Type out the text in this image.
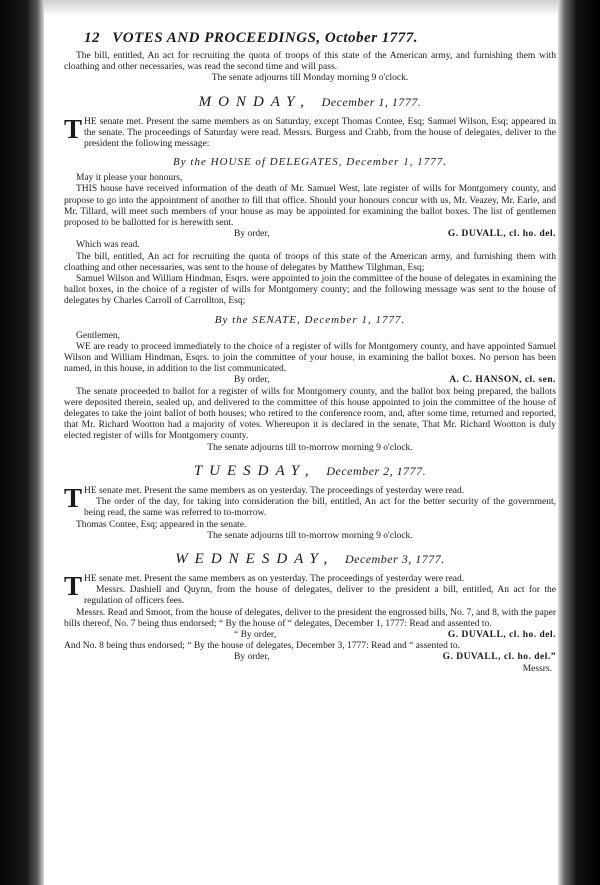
12 VOTES AND PROCEEDINGS, October 1777.

The bill, entitled, An act for recruiting the quota of troops of this state of the American army, and furnishing them with cloathing and other necessaries, was read the second time and will pass.

The senate adjourns till Monday morning 9 o'clock.

MONDAY, December 1, 1777.

T HE senate met. Present the same members as on Saturday, except Thomas Contee, Esq; Samuel Wilson, Esq; appeared in the senate. The proceedings of Saturday were read. Messrs. Burgess and Crabb, from the house of delegates, deliver to the president the following message:

By the HOUSE of DELEGATES, December 1, 1777.

May it please your honours,

THIS house have received information of the death of Mr. Samuel West, late register of wills for Montgomery county, and propose to go into the appointment of another to fill that office. Should your honours concur with us, Mr. Veazey, Mr. Earle, and Mr. Tillard, will meet such members of your house as may be appointed for examining the ballot boxes. The list of gentlemen proposed to be ballotted for is herewith sent.

By order,	G. DUVALL, cl. ho. del.

Which was read.

The bill, entitled, An act for recruiting the quota of troops of this state of the American army, and furnishing them with cloathing and other necessaries, was sent to the house of delegates by Matthew Tilghman, Esq;

Samuel Wilson and William Hindman, Esqrs. were appointed to join the committee of the house of delegates in examining the ballot boxes, in the choice of a register of wills for Montgomery county; and the following message was sent to the house of delegates by Charles Carroll of Carrollton, Esq;

By the SENATE, December 1, 1777.

Gentlemen,

WE are ready to proceed immediately to the choice of a register of wills for Montgomery county, and have appointed Samuel Wilson and William Hindman, Esqrs. to join the committee of your house, in examining the ballot boxes. No person has been named, in this house, in addition to the list communicated.

By order,	A. C. HANSON, cl. sen.

The senate proceeded to ballot for a register of wills for Montgomery county, and the ballot box being prepared, the ballots were deposited therein, sealed up, and delivered to the committee of this house appointed to join the committee of the house of delegates to take the joint ballot of both houses; who retired to the conference room, and, after some time, returned and reported, that Mr. Richard Wootton had a majority of votes. Whereupon it is declared in the senate, That Mr. Richard Wootton is duly elected register of wills for Montgomery county.

The senate adjourns till to-morrow morning 9 o'clock.

TUESDAY, December 2, 1777.

T HE senate met. Present the same members as on yesterday. The proceedings of yesterday were read.

The order of the day, for taking into consideration the bill, entitled, An act for the better security of the government, being read, the same was referred to to-morrow.

Thomas Contee, Esq; appeared in the senate.

The senate adjourns till to-morrow morning 9 o'clock.

WEDNESDAY, December 3, 1777.

T HE senate met. Present the same members as on yesterday. The proceedings of yesterday were read.

Messrs. Dashiell and Quynn, from the house of delegates, deliver to the president a bill, entitled, An act for the regulation of officers fees.

Messrs. Read and Smoot, from the house of delegates, deliver to the president the engrossed bills, No. 7, and 8, with the paper bills thereof, No. 7 being thus endorsed; “ By the house of “ delegates, December 1, 1777: Read and assented to.

“ By order,	G. DUVALL, cl. ho. del.

And No. 8 being thus endorsed; “ By the house of delegates, December 3, 1777: Read and “ assented to.

By order,	G. DUVALL, cl. ho. del.”
Messrs.
